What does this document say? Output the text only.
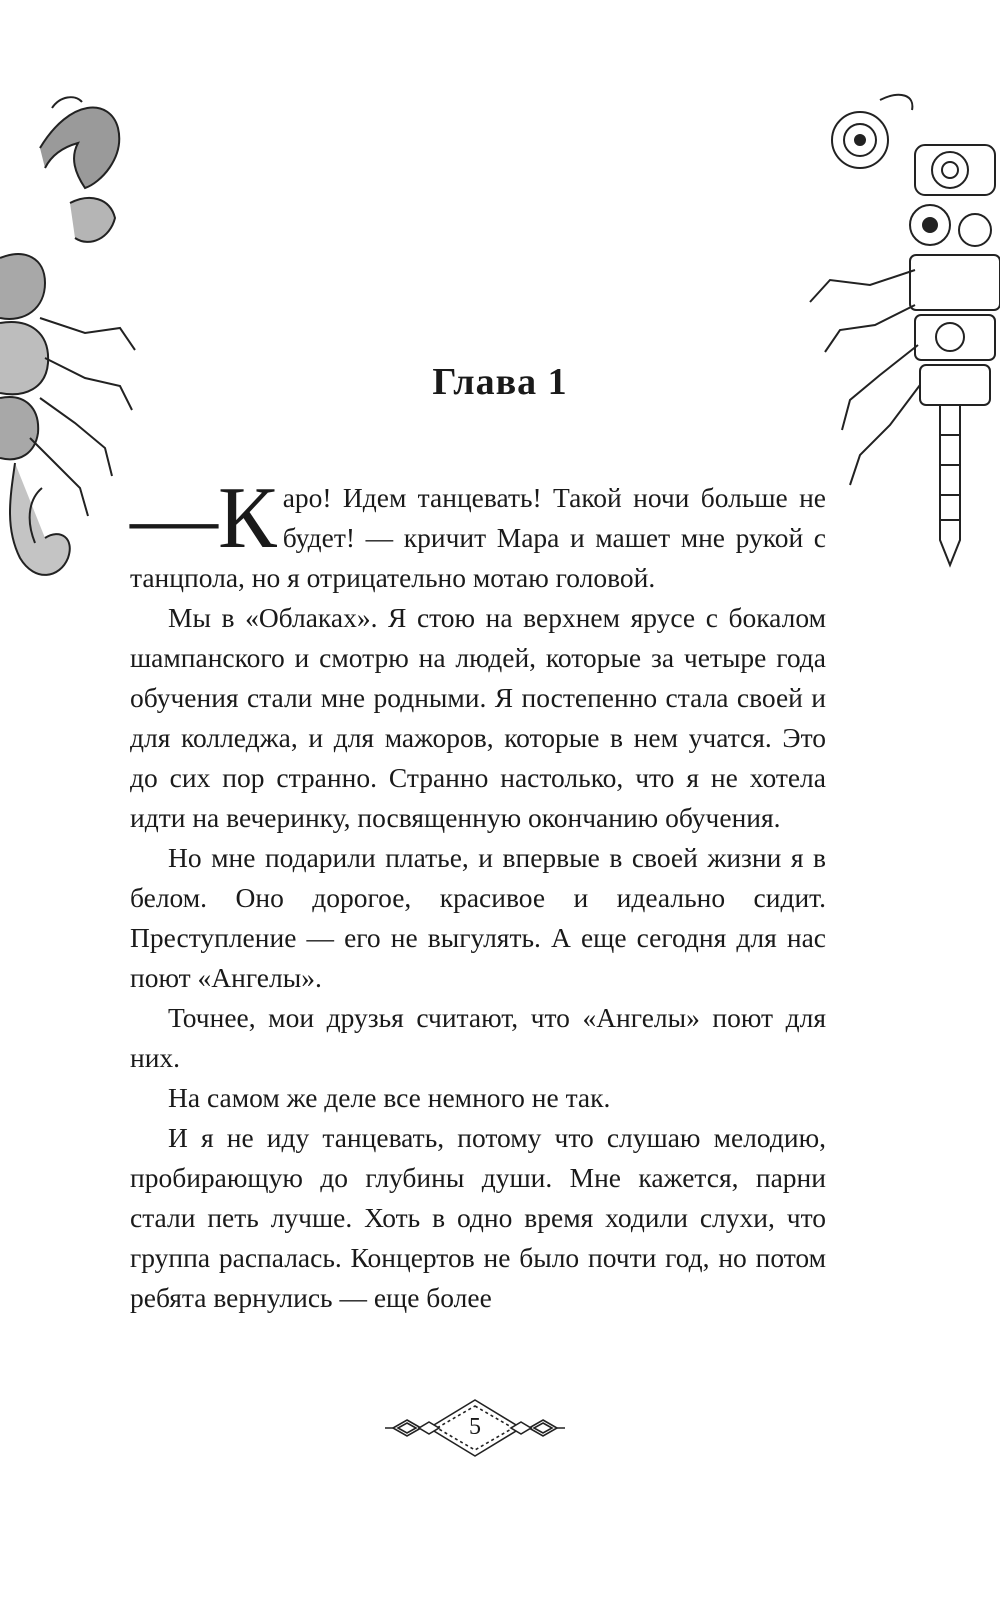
Глава 1

—К аро! Идем танцевать! Такой ночи больше не будет! — кричит Мара и машет мне рукой с танцпола, но я отрицательно мотаю головой.

Мы в «Облаках». Я стою на верхнем ярусе с бокалом шампанского и смотрю на людей, которые за четыре года обучения стали мне родными. Я постепенно стала своей и для колледжа, и для мажоров, которые в нем учатся. Это до сих пор странно. Странно настолько, что я не хотела идти на вечеринку, посвященную окончанию обучения.

Но мне подарили платье, и впервые в своей жизни я в белом. Оно дорогое, красивое и идеально сидит. Преступление — его не выгулять. А еще сегодня для нас поют «Ангелы».

Точнее, мои друзья считают, что «Ангелы» поют для них.

На самом же деле все немного не так.

И я не иду танцевать, потому что слушаю мелодию, пробирающую до глубины души. Мне кажется, парни стали петь лучше. Хоть в одно время ходили слухи, что группа распалась. Концертов не было почти год, но потом ребята вернулись — еще более

5
